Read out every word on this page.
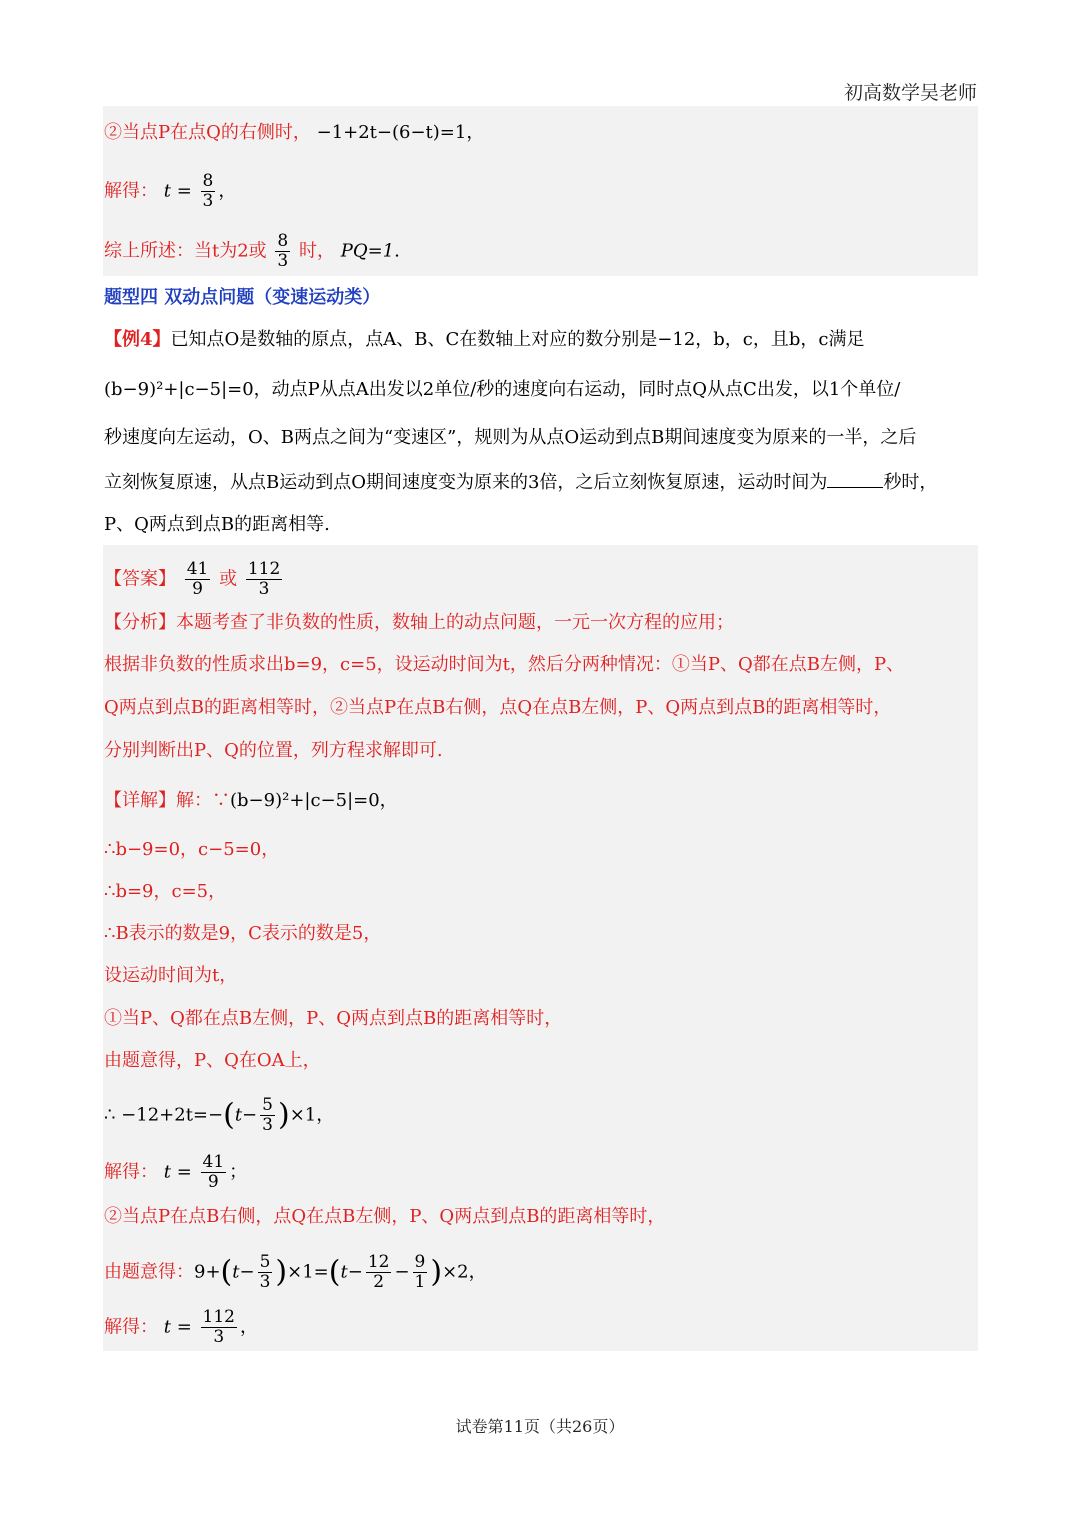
初高数学吴老师
②当点P在点Q的右侧时， −1+2t−(6−t)=1，
解得： $t = \frac{8}{3}$ ，
综上所述：当t为2或 $\frac{8}{3}$ 时， PQ=1.
题型四 双动点问题（变速运动类）
【例4】已知点O是数轴的原点，点A、B、C在数轴上对应的数分别是−12，b，c，且b，c满足
(b−9)²+|c−5|=0，动点P从点A出发以2单位/秒的速度向右运动，同时点Q从点C出发，以1个单位/
秒速度向左运动，O、B两点之间为“变速区”，规则为从点O运动到点B期间速度变为原来的一半，之后
立刻恢复原速，从点B运动到点O期间速度变为原来的3倍，之后立刻恢复原速，运动时间为	秒时，
P、Q两点到点B的距离相等.
【答案】 $\frac{41}{9}$ 或 $\frac{112}{3}$
【分析】本题考查了非负数的性质，数轴上的动点问题，一元一次方程的应用；
根据非负数的性质求出b=9，c=5，设运动时间为t，然后分两种情况：①当P、Q都在点B左侧，P、
Q两点到点B的距离相等时，②当点P在点B右侧，点Q在点B左侧，P、Q两点到点B的距离相等时，
分别判断出P、Q的位置，列方程求解即可.
【详解】解：∵(b−9)²+|c−5|=0，
∴b−9=0，c−5=0，
∴b=9，c=5，
∴B表示的数是9，C表示的数是5，
设运动时间为t，
①当P、Q都在点B左侧，P、Q两点到点B的距离相等时，
由题意得，P、Q在OA上，
∴ $-12+2t=-(t- \frac{5}{3} )\times 1$，
解得： $t = \frac{41}{9}$ ；
②当点P在点B右侧，点Q在点B左侧，P、Q两点到点B的距离相等时，
由题意得：$9+(t- \frac{5}{3} )\times 1=(t- \frac{12}{2} - \frac{9}{1} )\times 2$，
解得： $t = \frac{112}{3}$ ，
试卷第11页（共26页）
